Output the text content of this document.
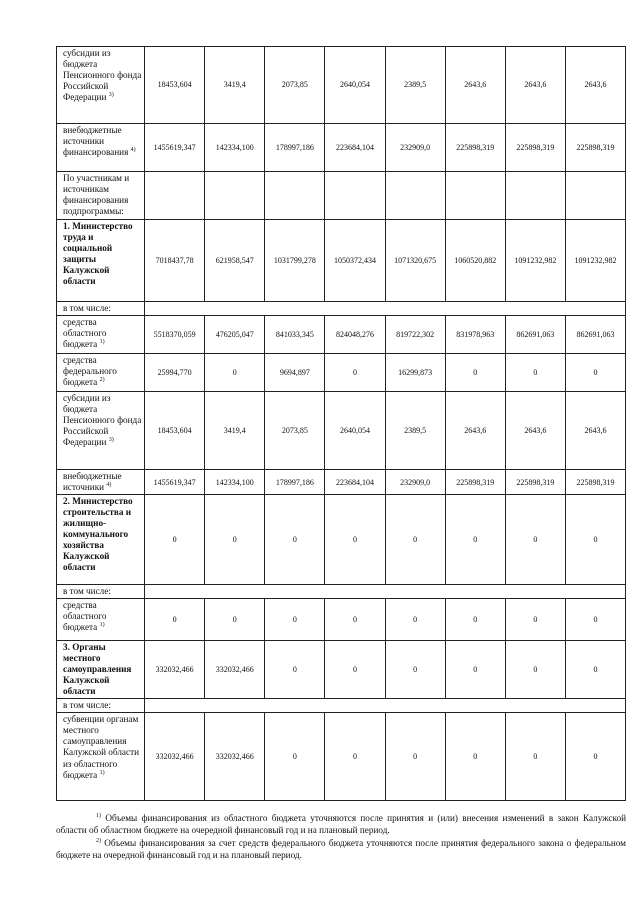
субсидии из бюджета Пенсионного фонда Российской Федерации $^{3)}$	18453,604	3419,4	2073,85	2640,054	2389,5	2643,6	2643,6	2643,6
внебюджетные источники финансирования $^{4)}$	1455619,347	142334,100	178997,186	223684,104	232909,0	225898,319	225898,319	225898,319
По участникам и источникам финансирования подпрограммы:								
1. Министерство труда и социальной защиты Калужской области	7018437,78	621958,547	1031799,278	1050372,434	1071320,675	1060520,882	1091232,982	1091232,982
в том числе:								
средства областного бюджета $^{1)}$	5518370,059	476205,047	841033,345	824048,276	819722,302	831978,963	862691,063	862691,063
средства федерального бюджета $^{2)}$	25994,770	0	9694,897	0	16299,873	0	0	0
субсидии из бюджета Пенсионного фонда Российской Федерации $^{3)}$	18453,604	3419,4	2073,85	2640,054	2389,5	2643,6	2643,6	2643,6
внебюджетные источники $^{4)}$	1455619,347	142334,100	178997,186	223684,104	232909,0	225898,319	225898,319	225898,319
2. Министерство строительства и жилищно-коммунального хозяйства Калужской области	0	0	0	0	0	0	0	0
в том числе:								
средства областного бюджета $^{1)}$	0	0	0	0	0	0	0	0
3. Органы местного самоуправления Калужской области	332032,466	332032,466	0	0	0	0	0	0
в том числе:								
субвенции органам местного самоуправления Калужской области из областного бюджета $^{1)}$	332032,466	332032,466	0	0	0	0	0	0

$^{1)}$ Объемы финансирования из областного бюджета уточняются после принятия и (или) внесения изменений в закон Калужской области об областном бюджете на очередной финансовый год и на плановый период.

$^{2)}$ Объемы финансирования за счет средств федерального бюджета уточняются после принятия федерального закона о федеральном бюджете на очередной финансовый год и на плановый период.
